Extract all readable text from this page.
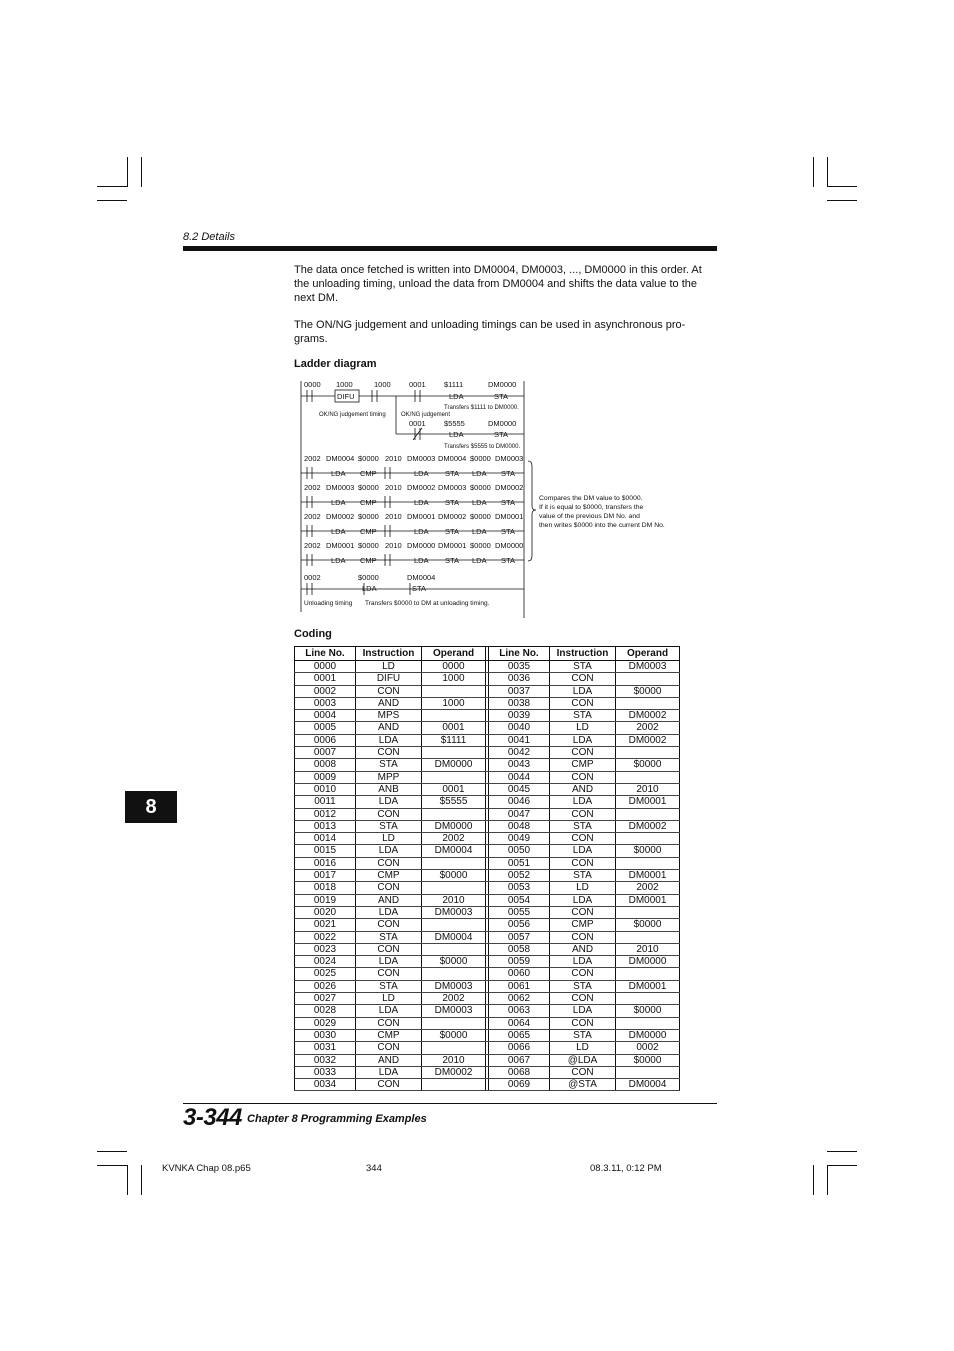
8.2 Details
The data once fetched is written into DM0004, DM0003, ..., DM0000 in this order. At the unloading timing, unload the data from DM0004 and shifts the data value to the next DM.
The ON/NG judgement and unloading timings can be used in asynchronous pro-grams.
Ladder diagram
8
0000 1000	1000 0001 $1111	DM0000
DIFU	LDA	STA
Transfers $1111 to DM0000.
OK/NG judgement timing	OK/NG judgement
0001 $5555	DM0000
LDA	STA
Transfers $5555 to DM0000.
2002 DM0004 $0000 2010 DM0003 DM0004 $0000 DM0003
LDA CMP	LDA STA LDA STA
2002 DM0003 $0000 2010 DM0002 DM0003 $0000 DM0002
LDA CMP	LDA STA LDA STA
2002 DM0002 $0000 2010 DM0001 DM0002 $0000 DM0001
LDA CMP	LDA STA LDA STA
2002 DM0001 $0000 2010 DM0000 DM0001 $0000 DM0000
LDA CMP	LDA STA LDA STA
Compares the DM value to $0000.
If it is equal to $0000, transfers the
value of the previous DM No. and
then writes $0000 into the current DM No.
0002	$0000	DM0004
LDA	STA
Unloading timing Transfers $0000 to DM at unloading timing.
Coding
Line No.	Instruction	Operand		Line No.	Instruction	Operand
0000	LD	0000		0035	STA	DM0003
0001	DIFU	1000		0036	CON	
0002	CON			0037	LDA	$0000
0003	AND	1000		0038	CON	
0004	MPS			0039	STA	DM0002
0005	AND	0001		0040	LD	2002
0006	LDA	$1111		0041	LDA	DM0002
0007	CON			0042	CON	
0008	STA	DM0000		0043	CMP	$0000
0009	MPP			0044	CON	
0010	ANB	0001		0045	AND	2010
0011	LDA	$5555		0046	LDA	DM0001
0012	CON			0047	CON	
0013	STA	DM0000		0048	STA	DM0002
0014	LD	2002		0049	CON	
0015	LDA	DM0004		0050	LDA	$0000
0016	CON			0051	CON	
0017	CMP	$0000		0052	STA	DM0001
0018	CON			0053	LD	2002
0019	AND	2010		0054	LDA	DM0001
0020	LDA	DM0003		0055	CON	
0021	CON			0056	CMP	$0000
0022	STA	DM0004		0057	CON	
0023	CON			0058	AND	2010
0024	LDA	$0000		0059	LDA	DM0000
0025	CON			0060	CON	
0026	STA	DM0003		0061	STA	DM0001
0027	LD	2002		0062	CON	
0028	LDA	DM0003		0063	LDA	$0000
0029	CON			0064	CON	
0030	CMP	$0000		0065	STA	DM0000
0031	CON			0066	LD	0002
0032	AND	2010		0067	@LDA	$0000
0033	LDA	DM0002		0068	CON	
0034	CON			0069	@STA	DM0004
3-344 Chapter 8 Programming Examples
KVNKA Chap 08.p65	344	08.3.11, 0:12 PM
